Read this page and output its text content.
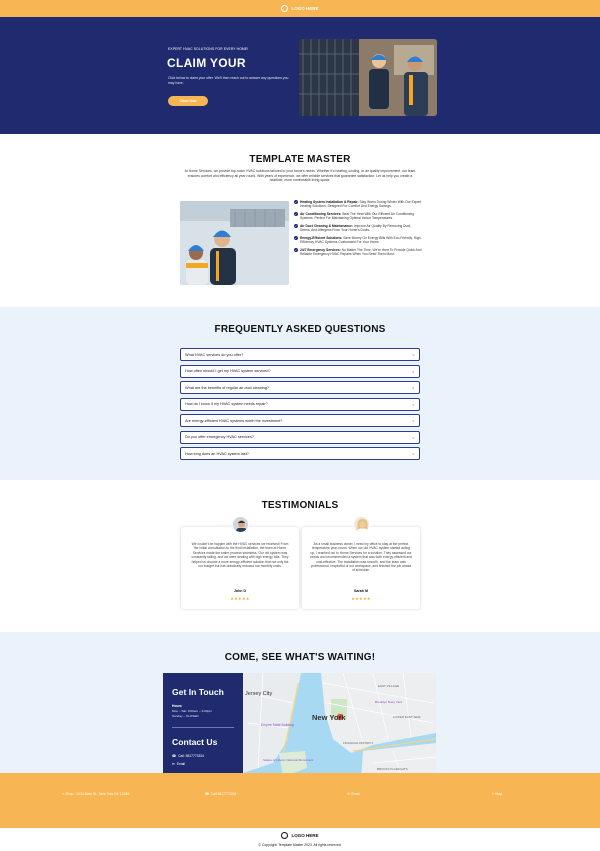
LOGO HERE
EXPERT HVAC SOLUTIONS FOR EVERY HOME!
CLAIM YOUR
Click below to claim your offer. We'll then reach out to answer any questions you may have.
Claim Now
TEMPLATE MASTER
At Home Services, we provide top-notch HVAC solutions tailored to your home's needs. Whether it's heating, cooling, or air quality improvement, our team ensures comfort and efficiency all year round. With years of experience, we offer reliable services that guarantee satisfaction. Let us help you create a healthier, more comfortable living space.
✓ Heating System Installation & Repair: Stay Warm During Winter With Our Expert Heating Solutions, Designed For Comfort And Energy Savings.
✓ Air Conditioning Services: Beat The Heat With Our Efficient Air Conditioning Systems, Perfect For Maintaining Optimal Indoor Temperatures.
✓ Air Duct Cleaning & Maintenance: Improve Air Quality By Removing Dust, Debris, And Allergens From Your Home's Ducts.
✓ Energy-Efficient Solutions: Save Money On Energy Bills With Eco-Friendly, High-Efficiency HVAC Systems Customized For Your Home.
✓ 24/7 Emergency Services: No Matter The Time, We're Here To Provide Quick And Reliable Emergency HVAC Repairs When You Need Them Most.
FREQUENTLY ASKED QUESTIONS
What HVAC services do you offer?	⌄
How often should I get my HVAC system serviced?	⌄
What are the benefits of regular air duct cleaning?	⌄
How do I know if my HVAC system needs repair?	⌄
Are energy-efficient HVAC systems worth the investment?	⌄
Do you offer emergency HVAC services?	⌄
How long does an HVAC system last?	⌄
TESTIMONIALS
We couldn't be happier with the HVAC services we received! From the initial consultation to the final installation, the team at Home Services made the entire process seamless. Our old system was constantly failing, and we were dealing with high energy bills. They helped us choose a more energy-efficient solution that not only fits our budget but has drastically reduced our monthly costs.
John D
★★★★★
As a small business owner, I need my office to stay at the perfect temperature year-round. When our old HVAC system started acting up, I reached out to Home Services for a solution. They assessed our needs and recommended a system that was both energy-efficient and cost-effective. The installation was smooth, and the team was professional, respectful of our workspace, and finished the job ahead of schedule.
Sarah M
★★★★★
COME, SEE WHAT'S WAITING!
Get In Touch
Hours
Mon – Sat: 9:00am – 6:00pm
Sunday – CLOSED
Contact Us
☎ Call: 5817773334
✉ Email
Jersey City
New York
Empire State Building
FINANCIAL DISTRICT
BROOKLYN HEIGHTS
EAST VILLAGE
LOWER EAST SIDE
Statue of Liberty National Monument
Brooklyn Navy Yard
⌖ Shop : 1234 Main St., New York NY 12345	☎ Call 5817773334	✉ Email	⌖ Map
LOGO HERE
© Copyright: Template Master 2023. All rights reserved.
